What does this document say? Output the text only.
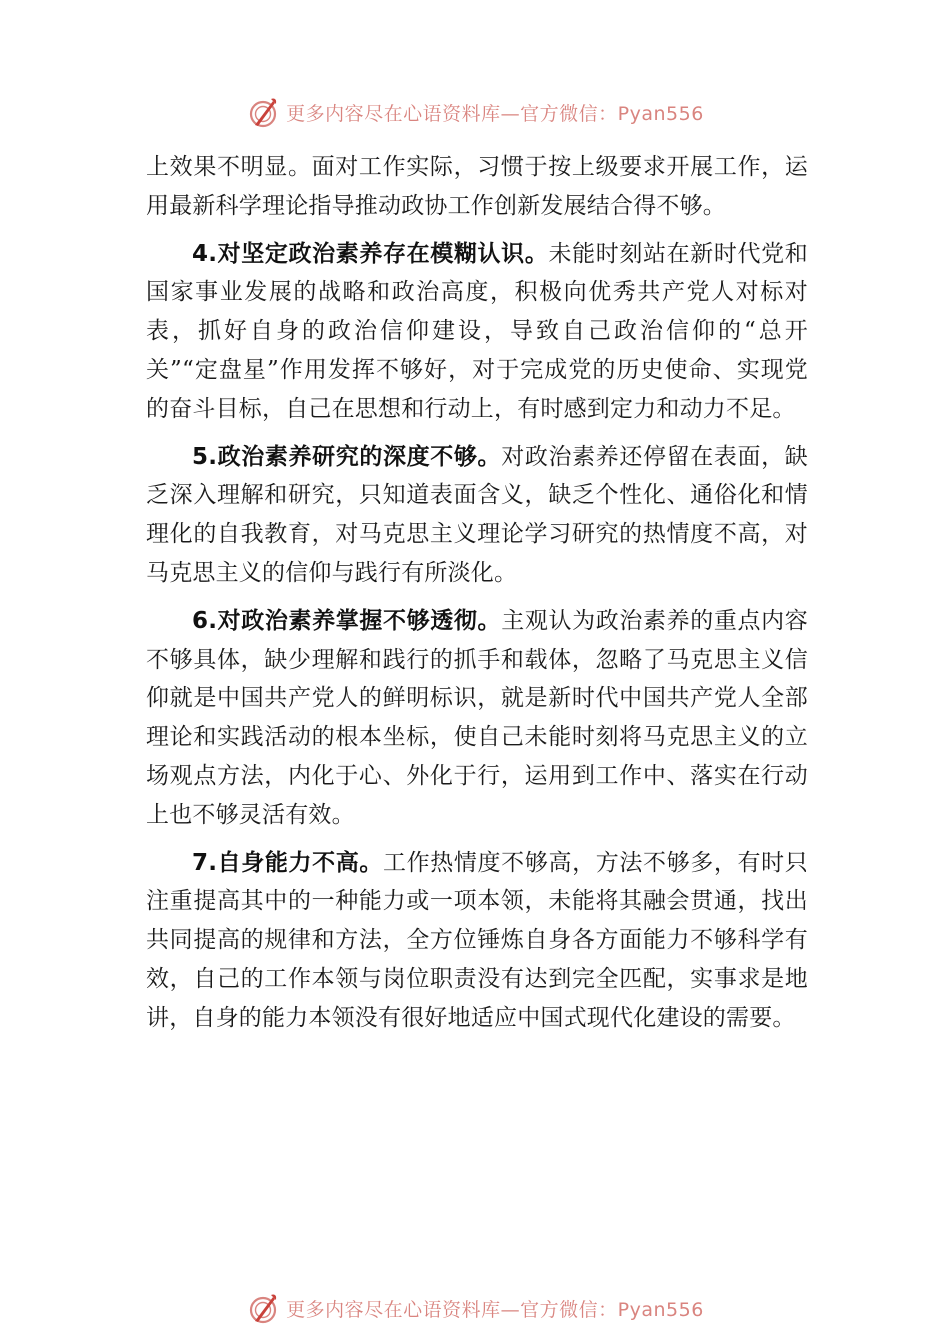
更多内容尽在心语资料库—官方微信：Pyan556

上效果不明显。面对工作实际，习惯于按上级要求开展工作，运用最新科学理论指导推动政协工作创新发展结合得不够。

4.对坚定政治素养存在模糊认识。未能时刻站在新时代党和国家事业发展的战略和政治高度，积极向优秀共产党人对标对表，抓好自身的政治信仰建设，导致自己政治信仰的“总开关”“定盘星”作用发挥不够好，对于完成党的历史使命、实现党的奋斗目标，自己在思想和行动上，有时感到定力和动力不足。

5.政治素养研究的深度不够。对政治素养还停留在表面，缺乏深入理解和研究，只知道表面含义，缺乏个性化、通俗化和情理化的自我教育，对马克思主义理论学习研究的热情度不高，对马克思主义的信仰与践行有所淡化。

6.对政治素养掌握不够透彻。主观认为政治素养的重点内容不够具体，缺少理解和践行的抓手和载体，忽略了马克思主义信仰就是中国共产党人的鲜明标识，就是新时代中国共产党人全部理论和实践活动的根本坐标，使自己未能时刻将马克思主义的立场观点方法，内化于心、外化于行，运用到工作中、落实在行动上也不够灵活有效。

7.自身能力不高。工作热情度不够高，方法不够多，有时只注重提高其中的一种能力或一项本领，未能将其融会贯通，找出共同提高的规律和方法，全方位锤炼自身各方面能力不够科学有效，自己的工作本领与岗位职责没有达到完全匹配，实事求是地讲，自身的能力本领没有很好地适应中国式现代化建设的需要。

更多内容尽在心语资料库—官方微信：Pyan556
